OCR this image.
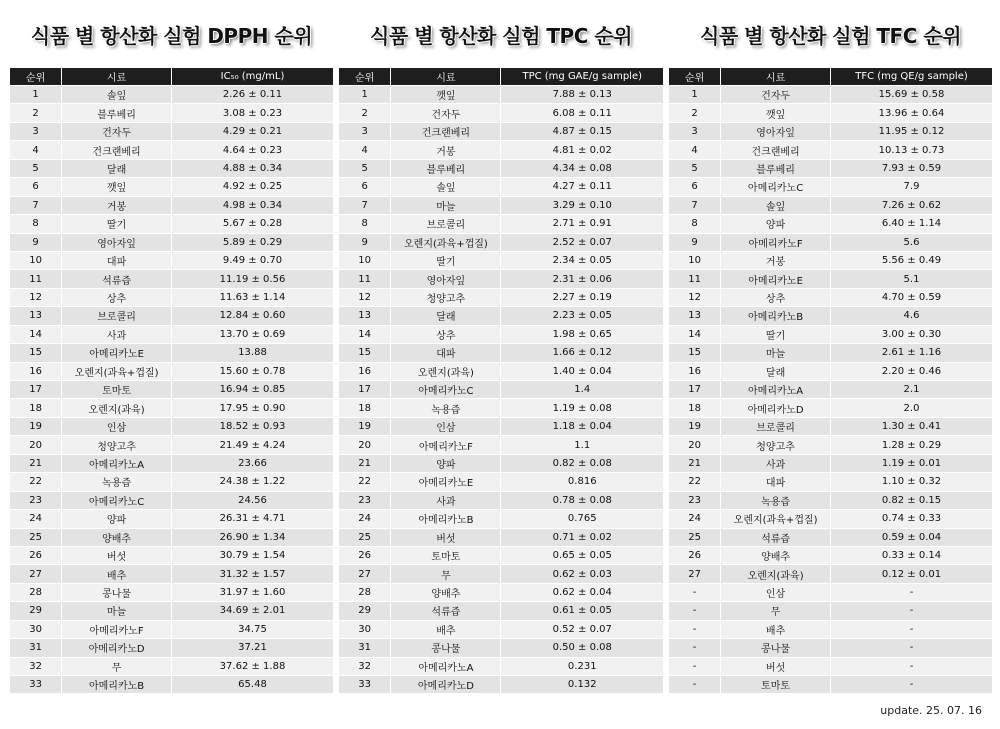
식품 별 항산화 실험 DPPH 순위
순위	시료	IC₅₀ (mg/mL)
1	솔잎	2.26 ± 0.11
2	블루베리	3.08 ± 0.23
3	건자두	4.29 ± 0.21
4	건크랜베리	4.64 ± 0.23
5	달래	4.88 ± 0.34
6	깻잎	4.92 ± 0.25
7	거봉	4.98 ± 0.34
8	딸기	5.67 ± 0.28
9	영아자잎	5.89 ± 0.29
10	대파	9.49 ± 0.70
11	석류즙	11.19 ± 0.56
12	상추	11.63 ± 1.14
13	브로콜리	12.84 ± 0.60
14	사과	13.70 ± 0.69
15	아메리카노E	13.88
16	오렌지(과육+껍질)	15.60 ± 0.78
17	토마토	16.94 ± 0.85
18	오렌지(과육)	17.95 ± 0.90
19	인삼	18.52 ± 0.93
20	청양고추	21.49 ± 4.24
21	아메리카노A	23.66
22	녹용즙	24.38 ± 1.22
23	아메리카노C	24.56
24	양파	26.31 ± 4.71
25	양배추	26.90 ± 1.34
26	버섯	30.79 ± 1.54
27	배추	31.32 ± 1.57
28	콩나물	31.97 ± 1.60
29	마늘	34.69 ± 2.01
30	아메리카노F	34.75
31	아메리카노D	37.21
32	무	37.62 ± 1.88
33	아메리카노B	65.48
식품 별 항산화 실험 TPC 순위
순위	시료	TPC (mg GAE/g sample)
1	깻잎	7.88 ± 0.13
2	건자두	6.08 ± 0.11
3	건크랜베리	4.87 ± 0.15
4	거봉	4.81 ± 0.02
5	블루베리	4.34 ± 0.08
6	솔잎	4.27 ± 0.11
7	마늘	3.29 ± 0.10
8	브로콜리	2.71 ± 0.91
9	오렌지(과육+껍질)	2.52 ± 0.07
10	딸기	2.34 ± 0.05
11	영아자잎	2.31 ± 0.06
12	청양고추	2.27 ± 0.19
13	달래	2.23 ± 0.05
14	상추	1.98 ± 0.65
15	대파	1.66 ± 0.12
16	오렌지(과육)	1.40 ± 0.04
17	아메리카노C	1.4
18	녹용즙	1.19 ± 0.08
19	인삼	1.18 ± 0.04
20	아메리카노F	1.1
21	양파	0.82 ± 0.08
22	아메리카노E	0.816
23	사과	0.78 ± 0.08
24	아메리카노B	0.765
25	버섯	0.71 ± 0.02
26	토마토	0.65 ± 0.05
27	무	0.62 ± 0.03
28	양배추	0.62 ± 0.04
29	석류즙	0.61 ± 0.05
30	배추	0.52 ± 0.07
31	콩나물	0.50 ± 0.08
32	아메리카노A	0.231
33	아메리카노D	0.132
식품 별 항산화 실험 TFC 순위
순위	시료	TFC (mg QE/g sample)
1	건자두	15.69 ± 0.58
2	깻잎	13.96 ± 0.64
3	영아자잎	11.95 ± 0.12
4	건크랜베리	10.13 ± 0.73
5	블루베리	7.93 ± 0.59
6	아메리카노C	7.9
7	솔잎	7.26 ± 0.62
8	양파	6.40 ± 1.14
9	아메리카노F	5.6
10	거봉	5.56 ± 0.49
11	아메리카노E	5.1
12	상추	4.70 ± 0.59
13	아메리카노B	4.6
14	딸기	3.00 ± 0.30
15	마늘	2.61 ± 1.16
16	달래	2.20 ± 0.46
17	아메리카노A	2.1
18	아메리카노D	2.0
19	브로콜리	1.30 ± 0.41
20	청양고추	1.28 ± 0.29
21	사과	1.19 ± 0.01
22	대파	1.10 ± 0.32
23	녹용즙	0.82 ± 0.15
24	오렌지(과육+껍질)	0.74 ± 0.33
25	석류즙	0.59 ± 0.04
26	양배추	0.33 ± 0.14
27	오렌지(과육)	0.12 ± 0.01
-	인삼	-
-	무	-
-	배추	-
-	콩나물	-
-	버섯	-
-	토마토	-
update. 25. 07. 16
